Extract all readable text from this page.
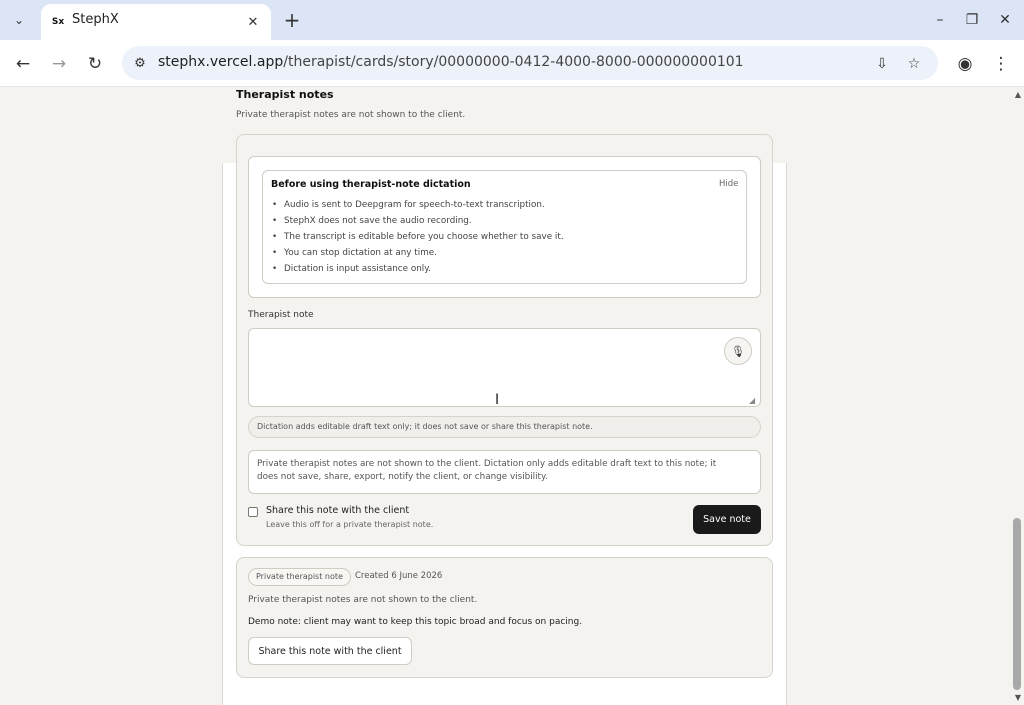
⌄	Sx StephX	✕ +	–	❐	✕
←	→	↻	⚙ stephx.vercel.app/therapist/cards/story/00000000-0412-4000-8000-000000000101	⇩	☆	◉	⋮
Therapist notes
Private therapist notes are not shown to the client.
Before using therapist-note dictation	Hide
• Audio is sent to Deepgram for speech-to-text transcription.
• StephX does not save the audio recording.
• The transcript is editable before you choose whether to save it.
• You can stop dictation at any time.
• Dictation is input assistance only.
Therapist note
🎙
◢
I
Dictation adds editable draft text only; it does not save or share this therapist note.
Private therapist notes are not shown to the client. Dictation only adds editable draft text to this note; it
does not save, share, export, notify the client, or change visibility.
Share this note with the client
Leave this off for a private therapist note.	Save note
Private therapist note	Created 6 June 2026
Private therapist notes are not shown to the client.
Demo note: client may want to keep this topic broad and focus on pacing.
Share this note with the client
▲
▼
